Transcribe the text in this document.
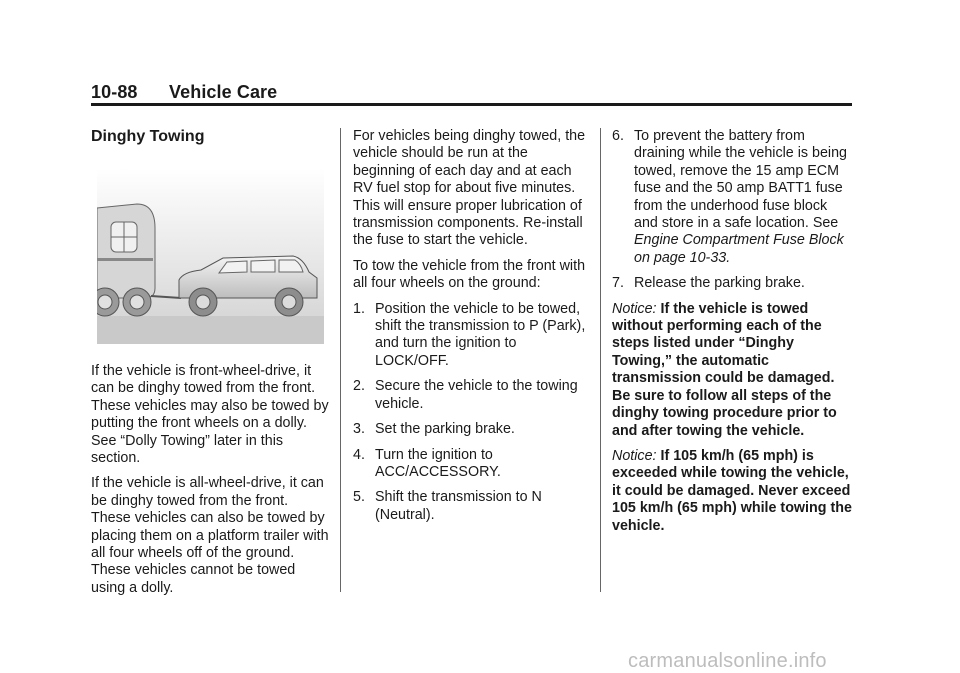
10-88 Vehicle Care

Dinghy Towing

If the vehicle is front-wheel-drive, it can be dinghy towed from the front. These vehicles may also be towed by putting the front wheels on a dolly. See “Dolly Towing” later in this section.

If the vehicle is all-wheel-drive, it can be dinghy towed from the front. These vehicles can also be towed by placing them on a platform trailer with all four wheels off of the ground. These vehicles cannot be towed using a dolly.

For vehicles being dinghy towed, the vehicle should be run at the beginning of each day and at each RV fuel stop for about five minutes. This will ensure proper lubrication of transmission components. Re-install the fuse to start the vehicle.

To tow the vehicle from the front with all four wheels on the ground:

1. Position the vehicle to be towed, shift the transmission to P (Park), and turn the ignition to LOCK/OFF.
2. Secure the vehicle to the towing vehicle.
3. Set the parking brake.
4. Turn the ignition to ACC/ACCESSORY.
5. Shift the transmission to N (Neutral).
6. To prevent the battery from draining while the vehicle is being towed, remove the 15 amp ECM fuse and the 50 amp BATT1 fuse from the underhood fuse block and store in a safe location. See Engine Compartment Fuse Block on page 10-33.
7. Release the parking brake.

Notice: If the vehicle is towed without performing each of the steps listed under “Dinghy Towing,” the automatic transmission could be damaged. Be sure to follow all steps of the dinghy towing procedure prior to and after towing the vehicle.

Notice: If 105 km/h (65 mph) is exceeded while towing the vehicle, it could be damaged. Never exceed 105 km/h (65 mph) while towing the vehicle.

carmanualsonline.info
